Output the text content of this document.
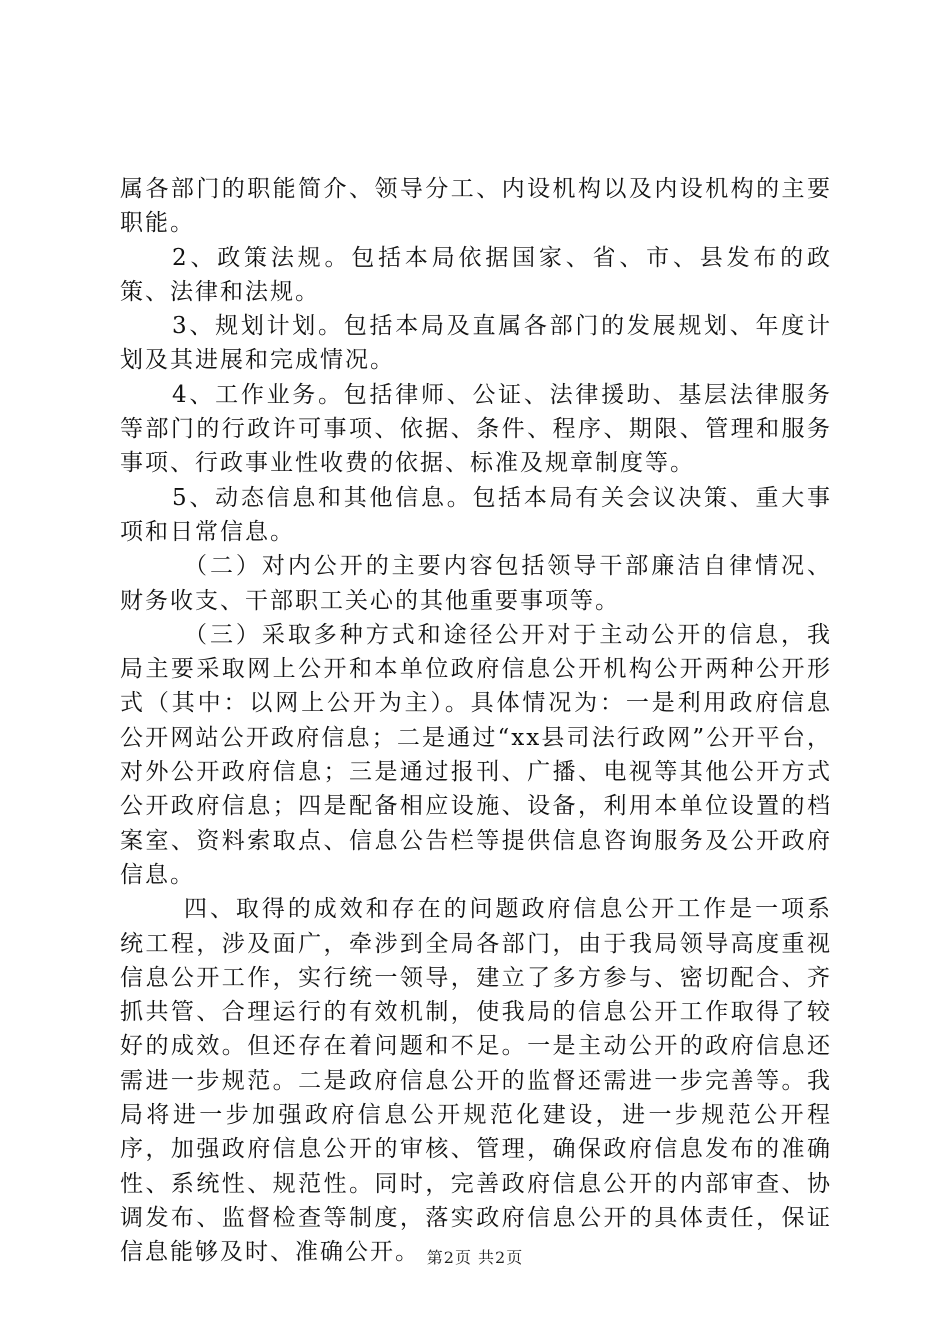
属各部门的职能简介、领导分工、内设机构以及内设机构的主要职能。

2、政策法规。包括本局依据国家、省、市、县发布的政策、法律和法规。

3、规划计划。包括本局及直属各部门的发展规划、年度计划及其进展和完成情况。

4、工作业务。包括律师、公证、法律援助、基层法律服务等部门的行政许可事项、依据、条件、程序、期限、管理和服务事项、行政事业性收费的依据、标准及规章制度等。

5、动态信息和其他信息。包括本局有关会议决策、重大事项和日常信息。

（二）对内公开的主要内容包括领导干部廉洁自律情况、财务收支、干部职工关心的其他重要事项等。

（三）采取多种方式和途径公开对于主动公开的信息，我局主要采取网上公开和本单位政府信息公开机构公开两种公开形式（其中：以网上公开为主）。具体情况为：一是利用政府信息公开网站公开政府信息；二是通过“xx县司法行政网”公开平台，对外公开政府信息；三是通过报刊、广播、电视等其他公开方式公开政府信息；四是配备相应设施、设备，利用本单位设置的档案室、资料索取点、信息公告栏等提供信息咨询服务及公开政府信息。

四、取得的成效和存在的问题政府信息公开工作是一项系统工程，涉及面广，牵涉到全局各部门，由于我局领导高度重视信息公开工作，实行统一领导，建立了多方参与、密切配合、齐抓共管、合理运行的有效机制，使我局的信息公开工作取得了较好的成效。但还存在着问题和不足。一是主动公开的政府信息还需进一步规范。二是政府信息公开的监督还需进一步完善等。我局将进一步加强政府信息公开规范化建设，进一步规范公开程序，加强政府信息公开的审核、管理，确保政府信息发布的准确性、系统性、规范性。同时，完善政府信息公开的内部审查、协调发布、监督检查等制度，落实政府信息公开的具体责任，保证信息能够及时、准确公开。 第2页 共2页
